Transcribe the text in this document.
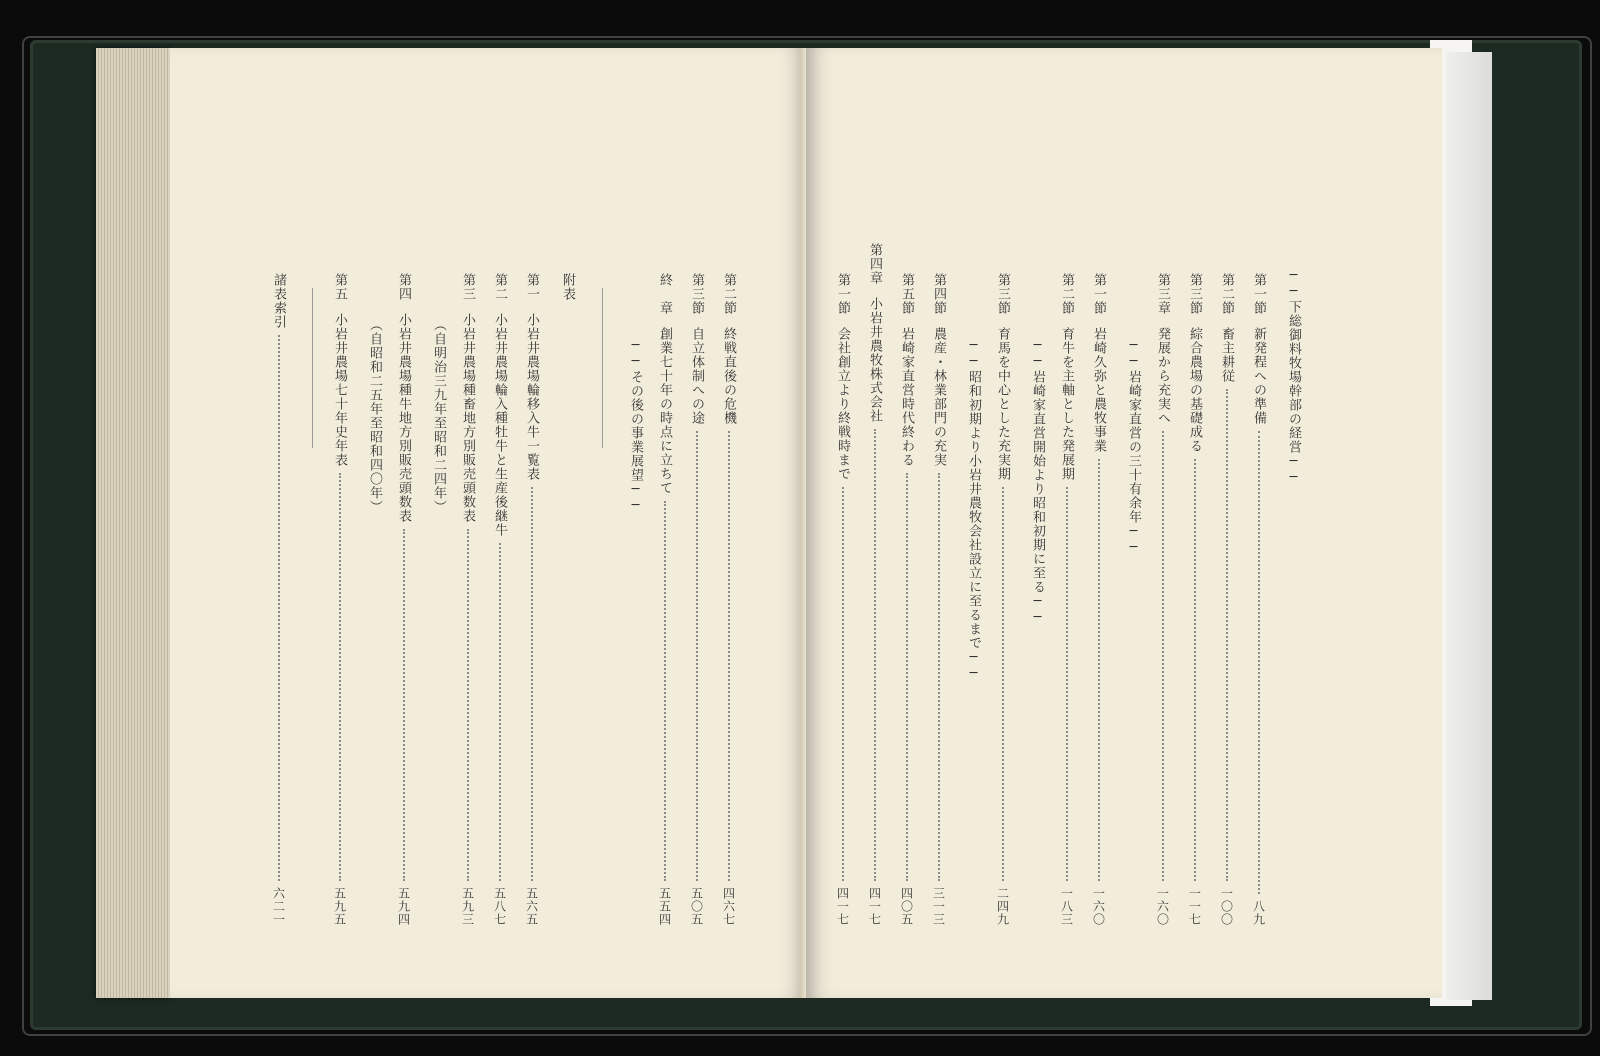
第二節
終戦直後の危機
四六七
第三節
自立体制への途
五〇五
終　章
創業七十年の時点に立ちて
五五四
──その後の事業展望──
附表
第一
小岩井農場輪移入牛一覧表
五六五
第二
小岩井農場輪入種牡牛と生産後継牛
五八七
第三
小岩井農場種畜地方別販売頭数表
五九三
（自明治三九年至昭和二四年）
第四
小岩井農場種牛地方別販売頭数表
五九四
（自昭和二五年至昭和四〇年）
第五
小岩井農場七十年史年表
五九五
諸表索引
六二一
──下総御料牧場幹部の経営──
第一節
新発程への準備
八九
第二節
畜主耕従
一〇〇
第三節
綜合農場の基礎成る
一一七
第三章
発展から充実へ
一六〇
──岩崎家直営の三十有余年──
第一節
岩崎久弥と農牧事業
一六〇
第二節
育牛を主軸とした発展期
一八三
──岩崎家直営開始より昭和初期に至る──
第三節
育馬を中心とした充実期
二四九
──昭和初期より小岩井農牧会社設立に至るまで──
第四節
農産・林業部門の充実
三一三
第五節
岩崎家直営時代終わる
四〇五
第四章
小岩井農牧株式会社
四一七
第一節
会社創立より終戦時まで
四一七
